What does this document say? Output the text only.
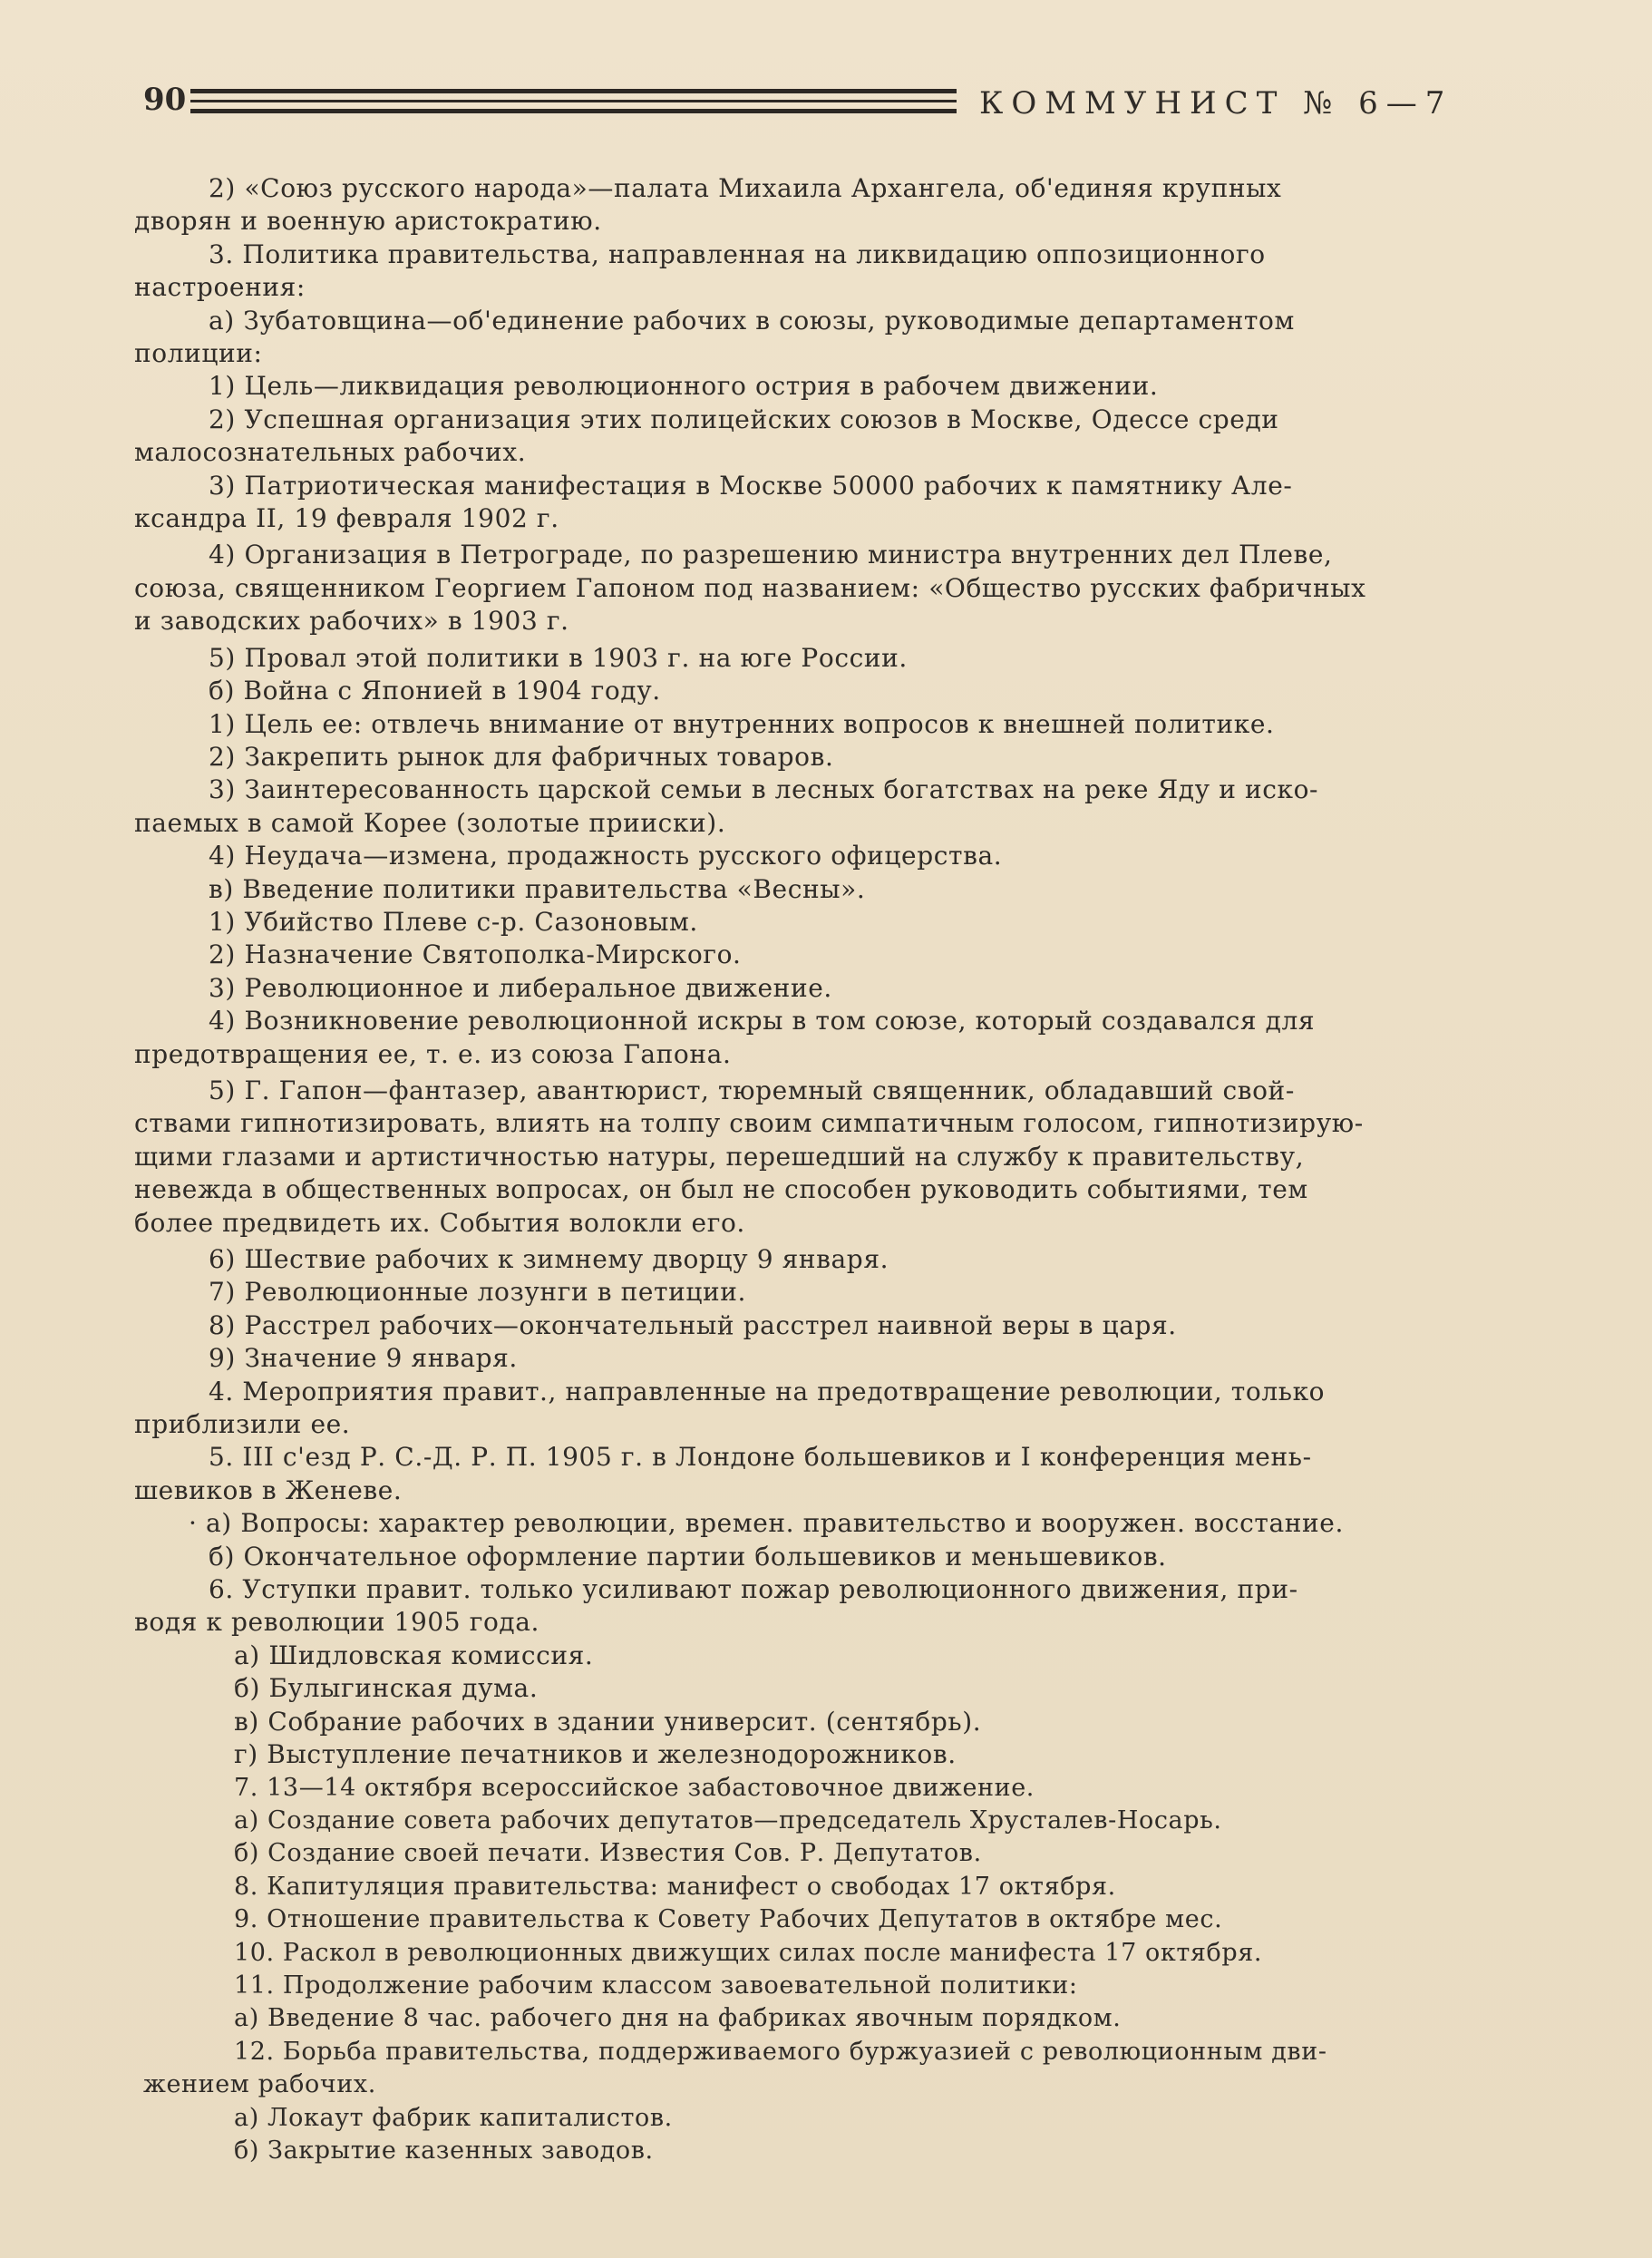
90	КОММУНИСТ № 6—7
2) «Союз русского народа»—палата Михаила Архангела, об'единяя крупных
дворян и военную аристократию.
3. Политика правительства, направленная на ликвидацию оппозиционного
настроения:
а) Зубатовщина—об'единение рабочих в союзы, руководимые департаментом
полиции:
1) Цель—ликвидация революционного острия в рабочем движении.
2) Успешная организация этих полицейских союзов в Москве, Одессе среди
малосознательных рабочих.
3) Патриотическая манифестация в Москве 50000 рабочих к памятнику Але-
ксандра II, 19 февраля 1902 г.
4) Организация в Петрограде, по разрешению министра внутренних дел Плеве,
союза, священником Георгием Гапоном под названием: «Общество русских фабричных
и заводских рабочих» в 1903 г.
5) Провал этой политики в 1903 г. на юге России.
б) Война с Японией в 1904 году.
1) Цель ее: отвлечь внимание от внутренних вопросов к внешней политике.
2) Закрепить рынок для фабричных товаров.
3) Заинтересованность царской семьи в лесных богатствах на реке Яду и иско-
паемых в самой Корее (золотые прииски).
4) Неудача—измена, продажность русского офицерства.
в) Введение политики правительства «Весны».
1) Убийство Плеве с-р. Сазоновым.
2) Назначение Святополка-Мирского.
3) Революционное и либеральное движение.
4) Возникновение революционной искры в том союзе, который создавался для
предотвращения ее, т. е. из союза Гапона.
5) Г. Гапон—фантазер, авантюрист, тюремный священник, обладавший свой-
ствами гипнотизировать, влиять на толпу своим симпатичным голосом, гипнотизирую-
щими глазами и артистичностью натуры, перешедший на службу к правительству,
невежда в общественных вопросах, он был не способен руководить событиями, тем
более предвидеть их. События волокли его.
6) Шествие рабочих к зимнему дворцу 9 января.
7) Революционные лозунги в петиции.
8) Расстрел рабочих—окончательный расстрел наивной веры в царя.
9) Значение 9 января.
4. Мероприятия правит., направленные на предотвращение революции, только
приблизили ее.
5. III с'езд Р. С.-Д. Р. П. 1905 г. в Лондоне большевиков и I конференция мень-
шевиков в Женеве.
· а) Вопросы: характер революции, времен. правительство и вооружен. восстание.
б) Окончательное оформление партии большевиков и меньшевиков.
6. Уступки правит. только усиливают пожар революционного движения, при-
водя к революции 1905 года.
а) Шидловская комиссия.
б) Булыгинская дума.
в) Собрание рабочих в здании университ. (сентябрь).
г) Выступление печатников и железнодорожников.
7. 13—14 октября всероссийское забастовочное движение.
а) Создание совета рабочих депутатов—председатель Хрусталев-Носарь.
б) Создание своей печати. Известия Сов. Р. Депутатов.
8. Капитуляция правительства: манифест о свободах 17 октября.
9. Отношение правительства к Совету Рабочих Депутатов в октябре мес.
10. Раскол в революционных движущих силах после манифеста 17 октября.
11. Продолжение рабочим классом завоевательной политики:
а) Введение 8 час. рабочего дня на фабриках явочным порядком.
12. Борьба правительства, поддерживаемого буржуазией с революционным дви-
жением рабочих.
а) Локаут фабрик капиталистов.
б) Закрытие казенных заводов.
